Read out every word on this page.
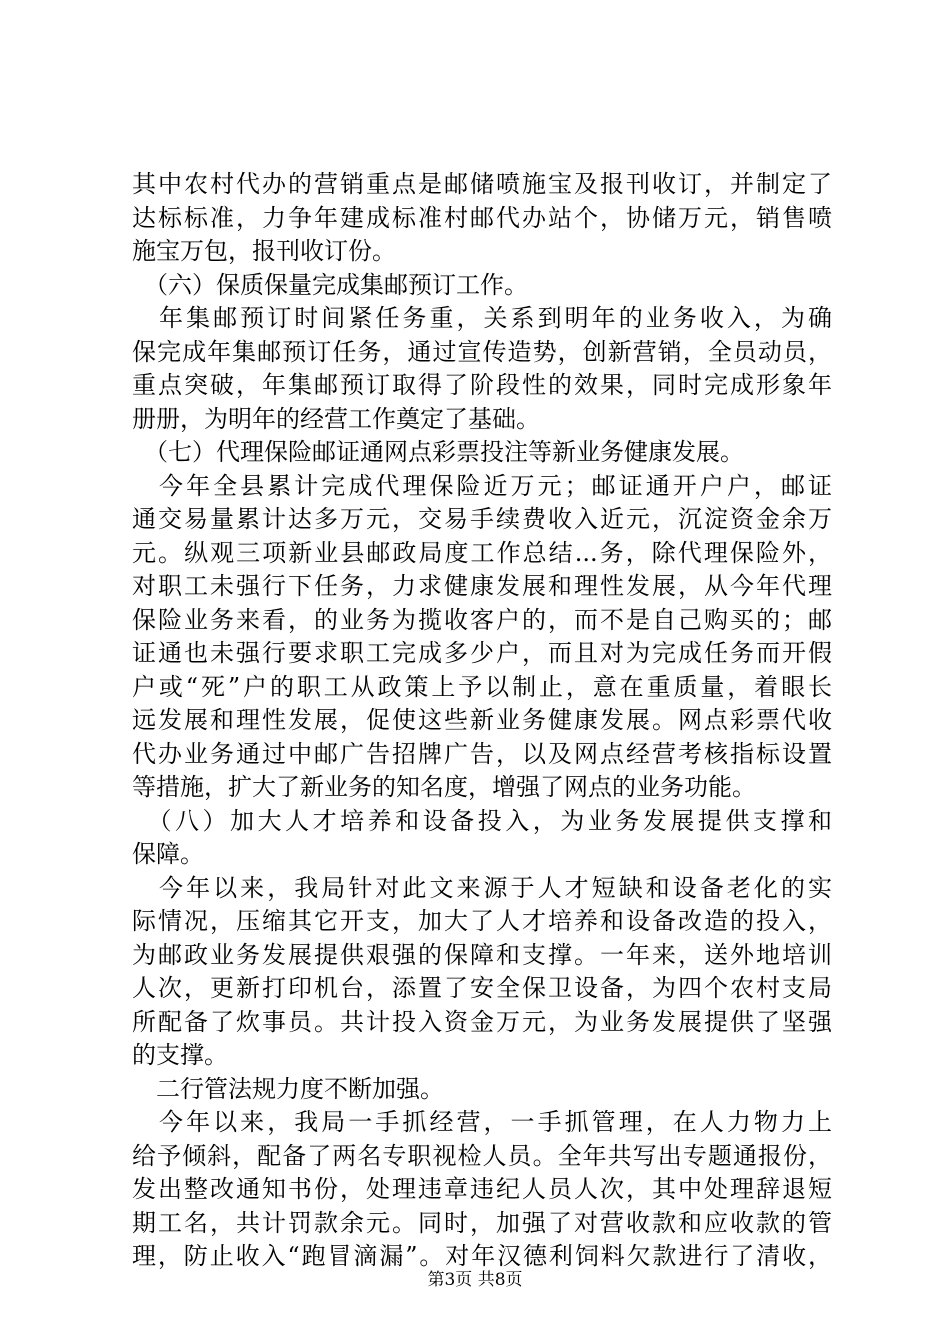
其中农村代办的营销重点是邮储喷施宝及报刊收订，并制定了
达标标准，力争年建成标准村邮代办站个，协储万元，销售喷
施宝万包，报刊收订份。
　（六）保质保量完成集邮预订工作。
　年集邮预订时间紧任务重，关系到明年的业务收入，为确
保完成年集邮预订任务，通过宣传造势，创新营销，全员动员，
重点突破，年集邮预订取得了阶段性的效果，同时完成形象年
册册，为明年的经营工作奠定了基础。
　（七）代理保险邮证通网点彩票投注等新业务健康发展。
　今年全县累计完成代理保险近万元；邮证通开户户，邮证
通交易量累计达多万元，交易手续费收入近元，沉淀资金余万
元。纵观三项新业县邮政局度工作总结...务，除代理保险外，
对职工未强行下任务，力求健康发展和理性发展，从今年代理
保险业务来看，的业务为揽收客户的，而不是自己购买的；邮
证通也未强行要求职工完成多少户，而且对为完成任务而开假
户或“死”户的职工从政策上予以制止，意在重质量，着眼长
远发展和理性发展，促使这些新业务健康发展。网点彩票代收
代办业务通过中邮广告招牌广告，以及网点经营考核指标设置
等措施，扩大了新业务的知名度，增强了网点的业务功能。
　（八）加大人才培养和设备投入，为业务发展提供支撑和
保障。
　今年以来，我局针对此文来源于人才短缺和设备老化的实
际情况，压缩其它开支，加大了人才培养和设备改造的投入，
为邮政业务发展提供艰强的保障和支撑。一年来，送外地培训
人次，更新打印机台，添置了安全保卫设备，为四个农村支局
所配备了炊事员。共计投入资金万元，为业务发展提供了坚强
的支撑。
　二行管法规力度不断加强。
　今年以来，我局一手抓经营，一手抓管理，在人力物力上
给予倾斜，配备了两名专职视检人员。全年共写出专题通报份，
发出整改通知书份，处理违章违纪人员人次，其中处理辞退短
期工名，共计罚款余元。同时，加强了对营收款和应收款的管
理，防止收入“跑冒滴漏”。对年汉德利饲料欠款进行了清收，
第3页 共8页
